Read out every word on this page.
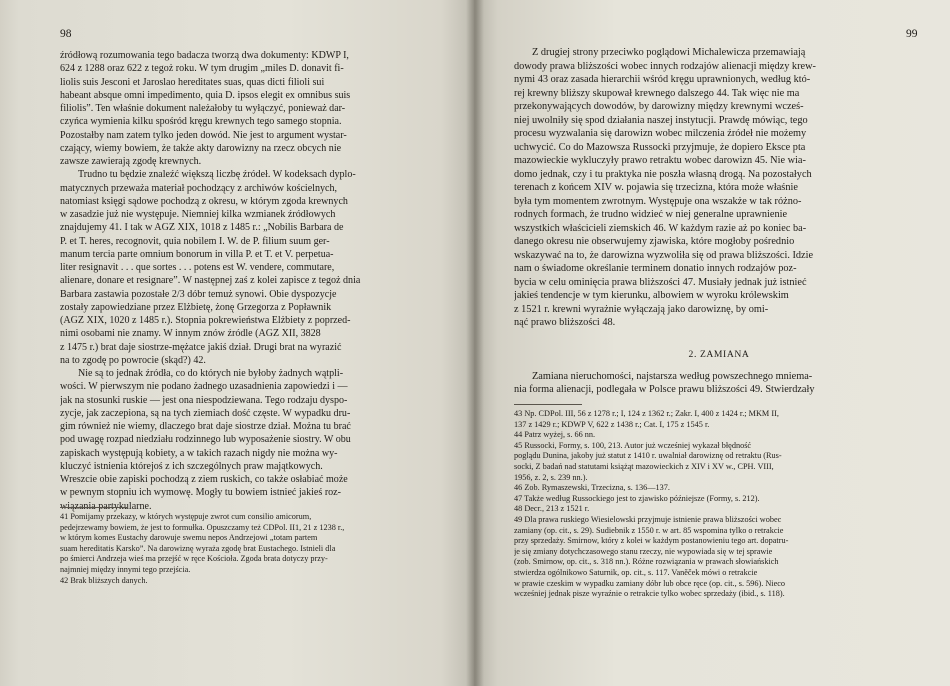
98
źródłową rozumowania tego badacza tworzą dwa dokumenty: KDWP I,
624 z 1288 oraz 622 z tegoż roku. W tym drugim „miles D. donavit fi-
liolis suis Jesconi et Jaroslao hereditates suas, quas dicti filioli sui
habeant absque omni impedimento, quia D. ipsos elegit ex omnibus suis
filiolis”. Ten właśnie dokument należałoby tu wyłączyć, ponieważ dar-
czyńca wymienia kilku spośród kręgu krewnych tego samego stopnia.
Pozostałby nam zatem tylko jeden dowód. Nie jest to argument wystar-
czający, wiemy bowiem, że także akty darowizny na rzecz obcych nie
zawsze zawierają zgodę krewnych.
Trudno tu będzie znaleźć większą liczbę źródeł. W kodeksach dyplo-
matycznych przeważa materiał pochodzący z archiwów kościelnych,
natomiast księgi sądowe pochodzą z okresu, w którym zgoda krewnych
w zasadzie już nie występuje. Niemniej kilka wzmianek źródłowych
znajdujemy 41. I tak w AGZ XIX, 1018 z 1485 r.: „Nobilis Barbara de
P. et T. heres, recognovit, quia nobilem I. W. de P. filium suum ger-
manum tercia parte omnium bonorum in villa P. et T. et V. perpetua-
liter resignavit . . . que sortes . . . potens est W. vendere, commutare,
alienare, donare et resignare”. W następnej zaś z kolei zapisce z tegoż dnia
Barbara zastawia pozostałe 2/3 dóbr temuż synowi. Obie dyspozycje
zostały zapowiedziane przez Elżbietę, żonę Grzegorza z Popławnik
(AGZ XIX, 1020 z 1485 r.). Stopnia pokrewieństwa Elżbiety z poprzed-
nimi osobami nie znamy. W innym znów źródle (AGZ XII, 3828
z 1475 r.) brat daje siostrze-mężatce jakiś dział. Drugi brat na wyrazić
na to zgodę po powrocie (skąd?) 42.
Nie są to jednak źródła, co do których nie byłoby żadnych wątpli-
wości. W pierwszym nie podano żadnego uzasadnienia zapowiedzi i —
jak na stosunki ruskie — jest ona niespodziewana. Tego rodzaju dyspo-
zycje, jak zaczepiona, są na tych ziemiach dość częste. W wypadku dru-
gim również nie wiemy, dlaczego brat daje siostrze dział. Można tu brać
pod uwagę rozpad niedziału rodzinnego lub wyposażenie siostry. W obu
zapiskach występują kobiety, a w takich razach nigdy nie można wy-
kluczyć istnienia którejoś z ich szczególnych praw majątkowych.
Wreszcie obie zapiski pochodzą z ziem ruskich, co także osłabiać może
w pewnym stopniu ich wymowę. Mogły tu bowiem istnieć jakieś roz-
wiązania partykularne.
41 Pomijamy przekazy, w których występuje zwrot cum consilio amicorum,
pedejrzewamy bowiem, że jest to formułka. Opuszczamy też CDPol. II1, 21 z 1238 r.,
w którym komes Eustachy darowuje swemu nepos Andrzejowi „totam partem
suam hereditatis Karsko”. Na darowiznę wyraża zgodę brat Eustachego. Istnieli dla
po śmierci Andrzeja wieś ma przejść w ręce Kościoła. Zgoda brata dotyczy przy-
najmniej między innymi tego przejścia.
42 Brak bliższych danych.
99
Z drugiej strony przeciwko poglądowi Michalewicza przemawiają
dowody prawa bliższości wobec innych rodzajów alienacji między krew-
nymi 43 oraz zasada hierarchii wśród kręgu uprawnionych, według któ-
rej krewny bliższy skupował krewnego dalszego 44. Tak więc nie ma
przekonywających dowodów, by darowizny między krewnymi wcześ-
niej uwolniły się spod działania naszej instytucji. Prawdę mówiąc, tego
procesu wyzwalania się darowizn wobec milczenia źródeł nie możemy
uchwycić. Co do Mazowsza Russocki przyjmuje, że dopiero Eksce pta
mazowieckie wykluczyły prawo retraktu wobec darowizn 45. Nie wia-
domo jednak, czy i tu praktyka nie poszła własną drogą. Na pozostałych
terenach z końcem XIV w. pojawia się trzecizna, która może właśnie
była tym momentem zwrotnym. Występuje ona wszakże w tak różno-
rodnych formach, że trudno widzieć w niej generalne uprawnienie
wszystkich właścicieli ziemskich 46. W każdym razie aż po koniec ba-
danego okresu nie obserwujemy zjawiska, które mogłoby pośrednio
wskazywać na to, że darowizna wyzwoliła się od prawa bliższości. Idzie
nam o świadome określanie terminem donatio innych rodzajów poz-
bycia w celu ominięcia prawa bliższości 47. Musiały jednak już istnieć
jakieś tendencje w tym kierunku, albowiem w wyroku królewskim
z 1521 r. krewni wyrażnie wyłączają jako darowiznę, by omi-
nąć prawo bliższości 48.
2. ZAMIANA
Zamiana nieruchomości, najstarsza według powszechnego mniema-
nia forma alienacji, podlegała w Polsce prawu bliższości 49. Stwierdzały
43 Np. CDPol. III, 56 z 1278 r.; I, 124 z 1362 r.; Zakr. I, 400 z 1424 r.; MKM II,
137 z 1429 r.; KDWP V, 622 z 1438 r.; Cat. I, 175 z 1545 r.
44 Patrz wyżej, s. 66 nn.
45 Russocki, Formy, s. 100, 213. Autor już wcześniej wykazał błędność
poglądu Dunina, jakoby już statut z 1410 r. uwalniał darowiznę od retraktu (Rus-
socki, Z badań nad statutami książąt mazowieckich z XIV i XV w., CPH. VIII,
1956, z. 2, s. 239 nn.).
46 Zob. Rymaszewski, Trzecizna, s. 136—137.
47 Także według Russockiego jest to zjawisko późniejsze (Formy, s. 212).
48 Decr., 213 z 1521 r.
49 Dla prawa ruskiego Wiesielowski przyjmuje istnienie prawa bliższości wobec
zamiany (op. cit., s. 29). Sudiebnik z 1550 r. w art. 85 wspomina tylko o retrakcie
przy sprzedaży. Smirnow, który z kolei w każdym postanowieniu tego art. dopatru-
je się zmiany dotychczasowego stanu rzeczy, nie wypowiada się w tej sprawie
(zob. Smirnow, op. cit., s. 318 nn.). Różne rozwiązania w prawach słowiańskich
stwierdza ogólnikowo Saturnik, op. cit., s. 117. Vaněček mówi o retrakcie
w prawie czeskim w wypadku zamiany dóbr lub obce ręce (op. cit., s. 596). Nieco
wcześniej jednak pisze wyraźnie o retrakcie tylko wobec sprzedaży (ibid., s. 118).
